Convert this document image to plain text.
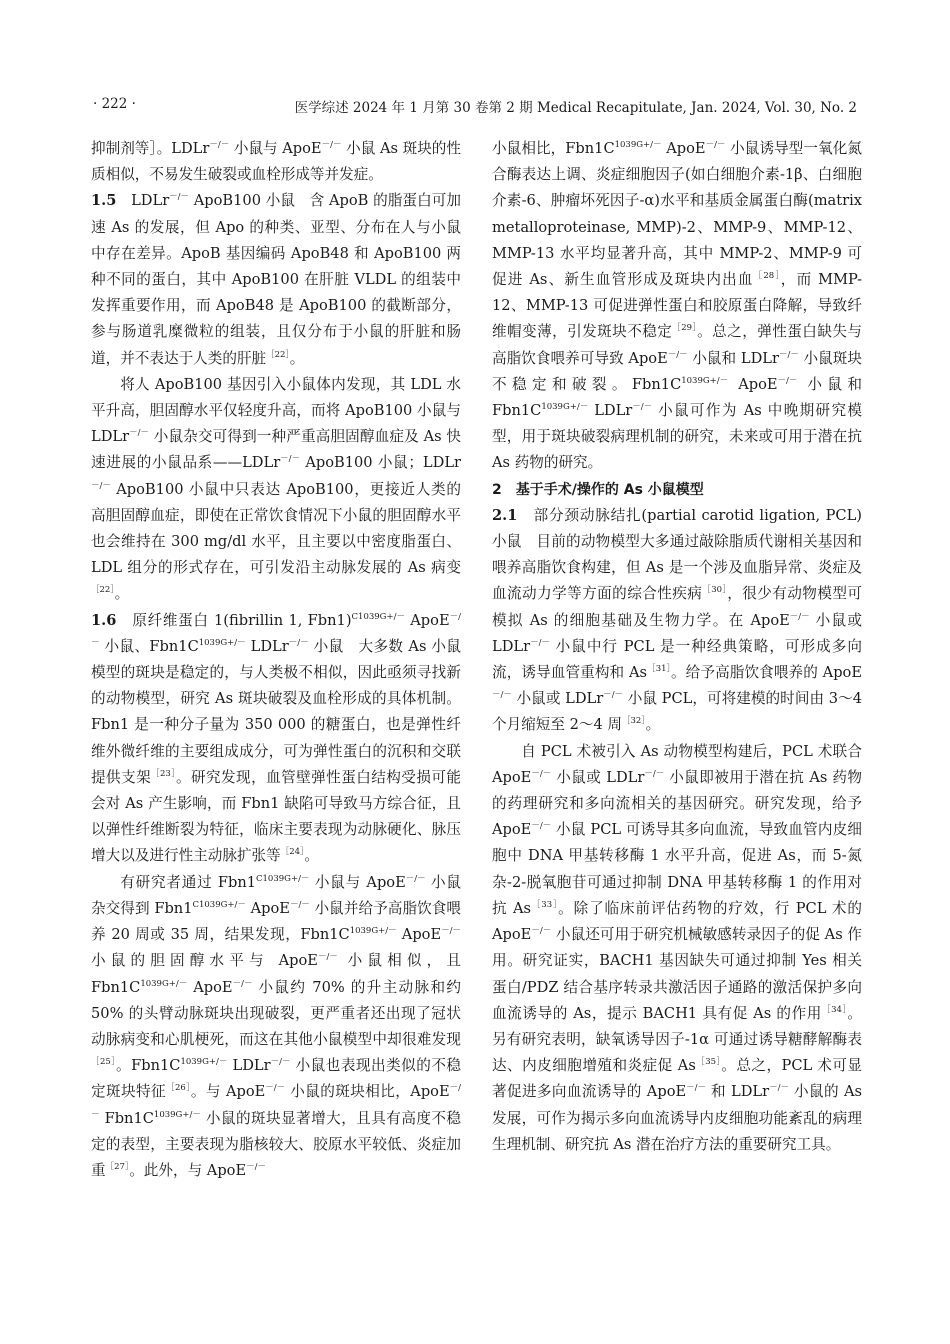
· 222 ·	医学综述 2024 年 1 月第 30 卷第 2 期 Medical Recapitulate, Jan. 2024, Vol. 30, No. 2

抑制剂等］。LDLr－/－ 小鼠与 ApoE－/－ 小鼠 As 斑块的性质相似，不易发生破裂或血栓形成等并发症。

1.5　 LDLr－/－ ApoB100 小鼠　含 ApoB 的脂蛋白可加速 As 的发展，但 Apo 的种类、亚型、分布在人与小鼠中存在差异。ApoB 基因编码 ApoB48 和 ApoB100 两种不同的蛋白，其中 ApoB100 在肝脏 VLDL 的组装中发挥重要作用，而 ApoB48 是 ApoB100 的截断部分，参与肠道乳糜微粒的组装，且仅分布于小鼠的肝脏和肠道，并不表达于人类的肝脏$^{[22]}$。

将人 ApoB100 基因引入小鼠体内发现，其 LDL 水平升高，胆固醇水平仅轻度升高，而将 ApoB100 小鼠与 LDLr－/－ 小鼠杂交可得到一种严重高胆固醇血症及 As 快速进展的小鼠品系——LDLr－/－ ApoB100 小鼠；LDLr－/－ ApoB100 小鼠中只表达 ApoB100，更接近人类的高胆固醇血症，即使在正常饮食情况下小鼠的胆固醇水平也会维持在 300 mg/dl 水平，且主要以中密度脂蛋白、LDL 组分的形式存在，可引发沿主动脉发展的 As 病变$^{[22]}$。

1.6　 原纤维蛋白 1(fibrillin 1, Fbn1)$^{C1039G+/-}$ ApoE－/－ 小鼠、$Fbn1C^{1039G+/-}$ LDLr－/－ 小鼠　大多数 As 小鼠模型的斑块是稳定的，与人类极不相似，因此亟须寻找新的动物模型，研究 As 斑块破裂及血栓形成的具体机制。Fbn1 是一种分子量为 350 000 的糖蛋白，也是弹性纤维外微纤维的主要组成成分，可为弹性蛋白的沉积和交联提供支架$^{[23]}$。研究发现，血管壁弹性蛋白结构受损可能会对 As 产生影响，而 Fbn1 缺陷可导致马方综合征，且以弹性纤维断裂为特征，临床主要表现为动脉硬化、脉压增大以及进行性主动脉扩张等$^{[24]}$。

有研究者通过 $Fbn1^{C1039G+/-}$ 小鼠与 ApoE－/－ 小鼠杂交得到 $Fbn1^{C1039G+/-}$ ApoE－/－ 小鼠并给予高脂饮食喂养 20 周或 35 周，结果发现，$Fbn1C^{1039G+/-}$ ApoE－/－ 小鼠的胆固醇水平与 ApoE－/－ 小鼠相似，且 $Fbn1C^{1039G+/-}$ ApoE－/－ 小鼠约 70% 的升主动脉和约 50% 的头臂动脉斑块出现破裂，更严重者还出现了冠状动脉病变和心肌梗死，而这在其他小鼠模型中却很难发现$^{[25]}$。$Fbn1C^{1039G+/-}$ LDLr－/－ 小鼠也表现出类似的不稳定斑块特征$^{[26]}$。与 ApoE－/－ 小鼠的斑块相比，ApoE－/－ $Fbn1C^{1039G+/-}$ 小鼠的斑块显著增大，且具有高度不稳定的表型，主要表现为脂核较大、胶原水平较低、炎症加重$^{[27]}$。此外，与 ApoE－/－

小鼠相比，$Fbn1C^{1039G+/-}$ ApoE－/－ 小鼠诱导型一氧化氮合酶表达上调、炎症细胞因子(如白细胞介素-1β、白细胞介素-6、肿瘤坏死因子-α)水平和基质金属蛋白酶(matrix metalloproteinase, MMP)-2、MMP-9、MMP-12、MMP-13 水平均显著升高，其中 MMP-2、MMP-9 可促进 As、新生血管形成及斑块内出血$^{[28]}$，而 MMP-12、MMP-13 可促进弹性蛋白和胶原蛋白降解，导致纤维帽变薄，引发斑块不稳定$^{[29]}$。总之，弹性蛋白缺失与高脂饮食喂养可导致 ApoE－/－ 小鼠和 LDLr－/－ 小鼠斑块不稳定和破裂。$Fbn1C^{1039G+/-}$ ApoE－/－ 小鼠和 $Fbn1C^{1039G+/-}$ LDLr－/－ 小鼠可作为 As 中晚期研究模型，用于斑块破裂病理机制的研究，未来或可用于潜在抗 As 药物的研究。

2　基于手术/操作的 As 小鼠模型

2.1　 部分颈动脉结扎(partial carotid ligation, PCL) 小鼠　目前的动物模型大多通过敲除脂质代谢相关基因和喂养高脂饮食构建，但 As 是一个涉及血脂异常、炎症及血流动力学等方面的综合性疾病$^{[30]}$，很少有动物模型可模拟 As 的细胞基础及生物力学。在 ApoE－/－ 小鼠或 LDLr－/－ 小鼠中行 PCL 是一种经典策略，可形成多向流，诱导血管重构和 $As^{[31]}$。给予高脂饮食喂养的 ApoE－/－ 小鼠或 LDLr－/－ 小鼠 PCL，可将建模的时间由 3～4 个月缩短至 2～4 周$^{[32]}$。

自 PCL 术被引入 As 动物模型构建后，PCL 术联合 ApoE－/－ 小鼠或 LDLr－/－ 小鼠即被用于潜在抗 As 药物的药理研究和多向流相关的基因研究。研究发现，给予 ApoE－/－ 小鼠 PCL 可诱导其多向血流，导致血管内皮细胞中 DNA 甲基转移酶 1 水平升高，促进 As，而 5-氮杂-2-脱氧胞苷可通过抑制 DNA 甲基转移酶 1 的作用对抗 $As^{[33]}$。除了临床前评估药物的疗效，行 PCL 术的 ApoE－/－ 小鼠还可用于研究机械敏感转录因子的促 As 作用。研究证实，BACH1 基因缺失可通过抑制 Yes 相关蛋白/PDZ 结合基序转录共激活因子通路的激活保护多向血流诱导的 As，提示 BACH1 具有促 As 的作用$^{[34]}$。另有研究表明，缺氧诱导因子-1α 可通过诱导糖酵解酶表达、内皮细胞增殖和炎症促 $As^{[35]}$。总之，PCL 术可显著促进多向血流诱导的 ApoE－/－ 和 LDLr－/－ 小鼠的 As 发展，可作为揭示多向血流诱导内皮细胞功能紊乱的病理生理机制、研究抗 As 潜在治疗方法的重要研究工具。
